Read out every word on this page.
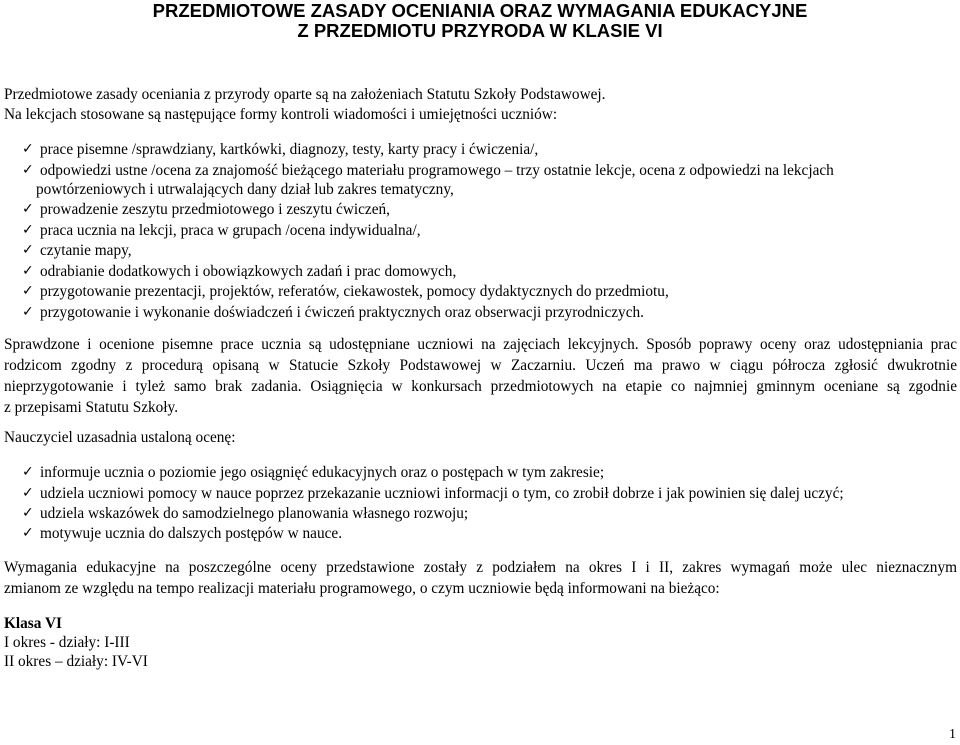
PRZEDMIOTOWE ZASADY OCENIANIA ORAZ WYMAGANIA EDUKACYJNE
Z PRZEDMIOTU PRZYRODA W KLASIE VI
Przedmiotowe zasady oceniania z przyrody oparte są na założeniach Statutu Szkoły Podstawowej.
Na lekcjach stosowane są następujące formy kontroli wiadomości i umiejętności uczniów:
✓ prace pisemne /sprawdziany, kartkówki, diagnozy, testy, karty pracy i ćwiczenia/,
✓ odpowiedzi ustne /ocena za znajomość bieżącego materiału programowego – trzy ostatnie lekcje, ocena z odpowiedzi na lekcjach
powtórzeniowych i utrwalających dany dział lub zakres tematyczny,
✓ prowadzenie zeszytu przedmiotowego i zeszytu ćwiczeń,
✓ praca ucznia na lekcji, praca w grupach /ocena indywidualna/,
✓ czytanie mapy,
✓ odrabianie dodatkowych i obowiązkowych zadań i prac domowych,
✓ przygotowanie prezentacji, projektów, referatów, ciekawostek, pomocy dydaktycznych do przedmiotu,
✓ przygotowanie i wykonanie doświadczeń i ćwiczeń praktycznych oraz obserwacji przyrodniczych.
Sprawdzone i ocenione pisemne prace ucznia są udostępniane uczniowi na zajęciach lekcyjnych. Sposób poprawy oceny oraz udostępniania prac
rodzicom zgodny z procedurą opisaną w Statucie Szkoły Podstawowej w Zaczarniu. Uczeń ma prawo w ciągu półrocza zgłosić dwukrotnie
nieprzygotowanie i tyleż samo brak zadania. Osiągnięcia w konkursach przedmiotowych na etapie co najmniej gminnym oceniane są zgodnie
z przepisami Statutu Szkoły.
Nauczyciel uzasadnia ustaloną ocenę:
✓ informuje ucznia o poziomie jego osiągnięć edukacyjnych oraz o postępach w tym zakresie;
✓ udziela uczniowi pomocy w nauce poprzez przekazanie uczniowi informacji o tym, co zrobił dobrze i jak powinien się dalej uczyć;
✓ udziela wskazówek do samodzielnego planowania własnego rozwoju;
✓ motywuje ucznia do dalszych postępów w nauce.
Wymagania edukacyjne na poszczególne oceny przedstawione zostały z podziałem na okres I i II, zakres wymagań może ulec nieznacznym
zmianom ze względu na tempo realizacji materiału programowego, o czym uczniowie będą informowani na bieżąco:
Klasa VI
I okres - działy: I-III
II okres – działy: IV-VI
1
